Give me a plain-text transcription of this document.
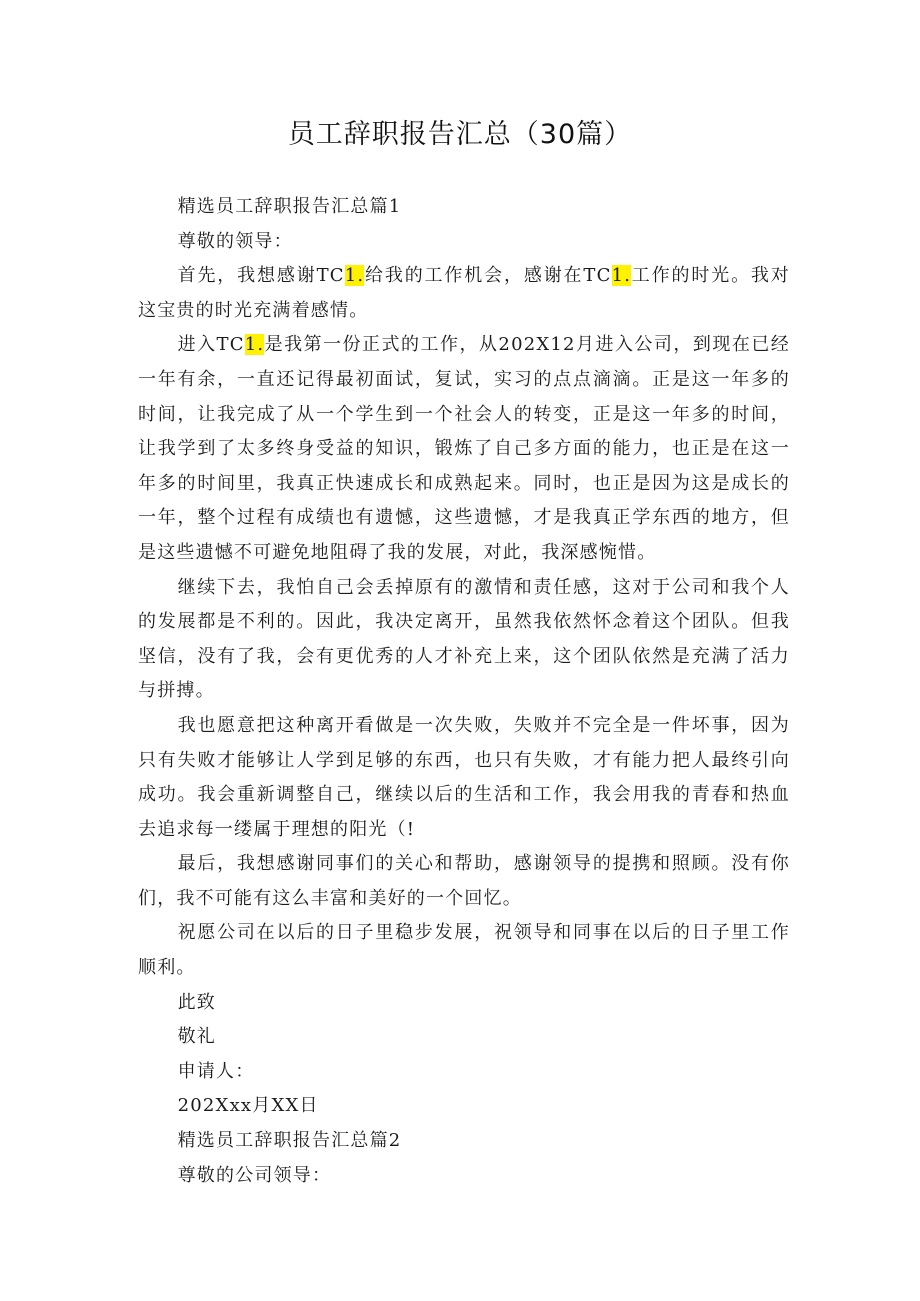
员工辞职报告汇总（30篇）

精选员工辞职报告汇总篇1

尊敬的领导：

首先，我想感谢TC1.给我的工作机会，感谢在TC1.工作的时光。我对这宝贵的时光充满着感情。

进入TC1.是我第一份正式的工作，从202X12月进入公司，到现在已经一年有余，一直还记得最初面试，复试，实习的点点滴滴。正是这一年多的时间，让我完成了从一个学生到一个社会人的转变，正是这一年多的时间，让我学到了太多终身受益的知识，锻炼了自己多方面的能力，也正是在这一年多的时间里，我真正快速成长和成熟起来。同时，也正是因为这是成长的一年，整个过程有成绩也有遗憾，这些遗憾，才是我真正学东西的地方，但是这些遗憾不可避免地阻碍了我的发展，对此，我深感惋惜。

继续下去，我怕自己会丢掉原有的激情和责任感，这对于公司和我个人的发展都是不利的。因此，我决定离开，虽然我依然怀念着这个团队。但我坚信，没有了我，会有更优秀的人才补充上来，这个团队依然是充满了活力与拼搏。

我也愿意把这种离开看做是一次失败，失败并不完全是一件坏事，因为只有失败才能够让人学到足够的东西，也只有失败，才有能力把人最终引向成功。我会重新调整自己，继续以后的生活和工作，我会用我的青春和热血去追求每一缕属于理想的阳光（!

最后，我想感谢同事们的关心和帮助，感谢领导的提携和照顾。没有你们，我不可能有这么丰富和美好的一个回忆。

祝愿公司在以后的日子里稳步发展，祝领导和同事在以后的日子里工作顺利。

此致

敬礼

申请人：

202Xxx月XX日

精选员工辞职报告汇总篇2

尊敬的公司领导：
